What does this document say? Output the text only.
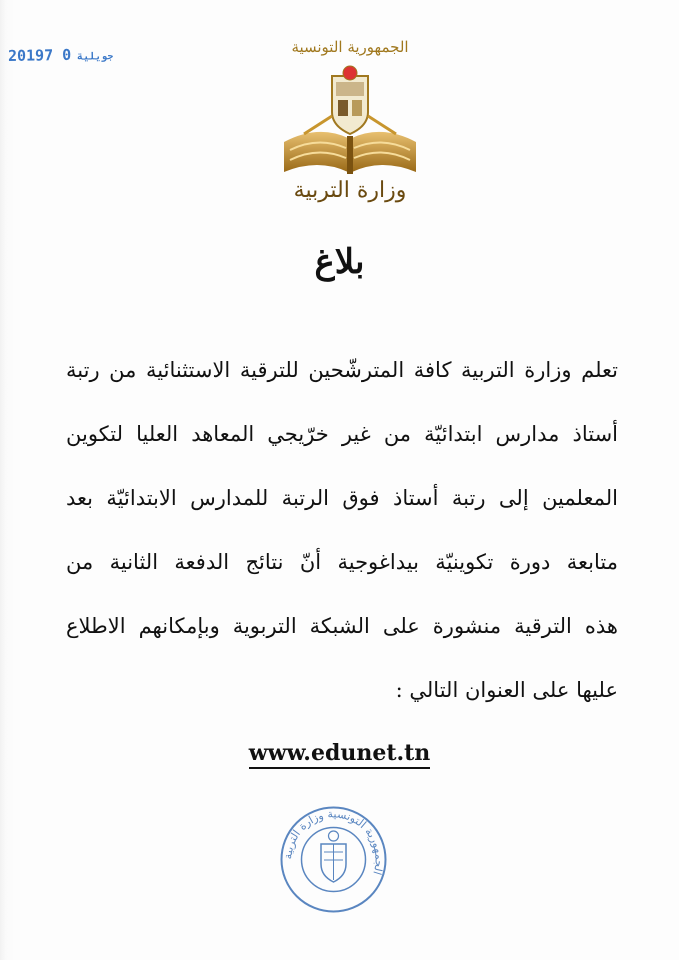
2019	جويلية0 7	الجمهورية التونسية
وزارة التربية
بلاغ
تعلم وزارة التربية كافة المترشّحين للترقية الاستثنائية من رتبة
أستاذ مدارس ابتدائيّة من غير خرّيجي المعاهد العليا لتكوين
المعلمين إلى رتبة أستاذ فوق الرتبة للمدارس الابتدائيّة بعد
متابعة دورة تكوينيّة بيداغوجية أنّ نتائج الدفعة الثانية من
هذه الترقية منشورة على الشبكة التربوية وبإمكانهم الاطلاع
عليها على العنوان التالي :
www.edunet.tn
الجمهورية التونسية وزارة التربية
